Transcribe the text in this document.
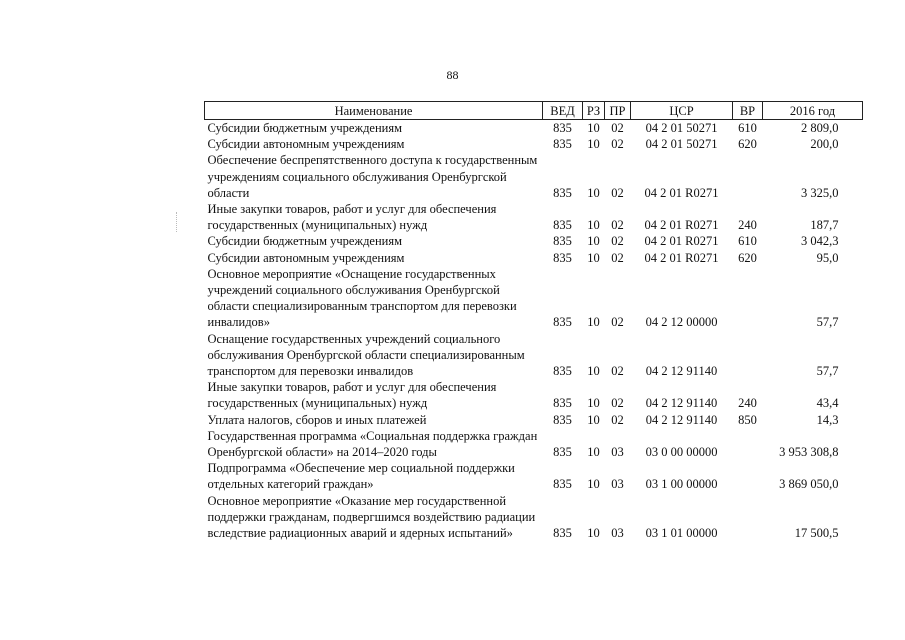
88
Наименование	ВЕД	РЗ	ПР	ЦСР	ВР	2016 год
Субсидии бюджетным учреждениям	835	10	02	04 2 01 50271	610	2 809,0
Субсидии автономным учреждениям	835	10	02	04 2 01 50271	620	200,0
Обеспечение беспрепятственного доступа к государственным учреждениям социального обслуживания Оренбургской области	835	10	02	04 2 01 R0271		3 325,0
Иные закупки товаров, работ и услуг для обеспечения государственных (муниципальных) нужд	835	10	02	04 2 01 R0271	240	187,7
Субсидии бюджетным учреждениям	835	10	02	04 2 01 R0271	610	3 042,3
Субсидии автономным учреждениям	835	10	02	04 2 01 R0271	620	95,0
Основное мероприятие «Оснащение государственных учреждений социального обслуживания Оренбургской области специализированным транспортом для перевозки инвалидов»	835	10	02	04 2 12 00000		57,7
Оснащение государственных учреждений социального обслуживания Оренбургской области специализированным транспортом для перевозки инвалидов	835	10	02	04 2 12 91140		57,7
Иные закупки товаров, работ и услуг для обеспечения государственных (муниципальных) нужд	835	10	02	04 2 12 91140	240	43,4
Уплата налогов, сборов и иных платежей	835	10	02	04 2 12 91140	850	14,3
Государственная программа «Социальная поддержка граждан Оренбургской области» на 2014–2020 годы	835	10	03	03 0 00 00000		3 953 308,8
Подпрограмма «Обеспечение мер социальной поддержки отдельных категорий граждан»	835	10	03	03 1 00 00000		3 869 050,0
Основное мероприятие «Оказание мер государственной поддержки гражданам, подвергшимся воздействию радиации вследствие радиационных аварий и ядерных испытаний»	835	10	03	03 1 01 00000		17 500,5
